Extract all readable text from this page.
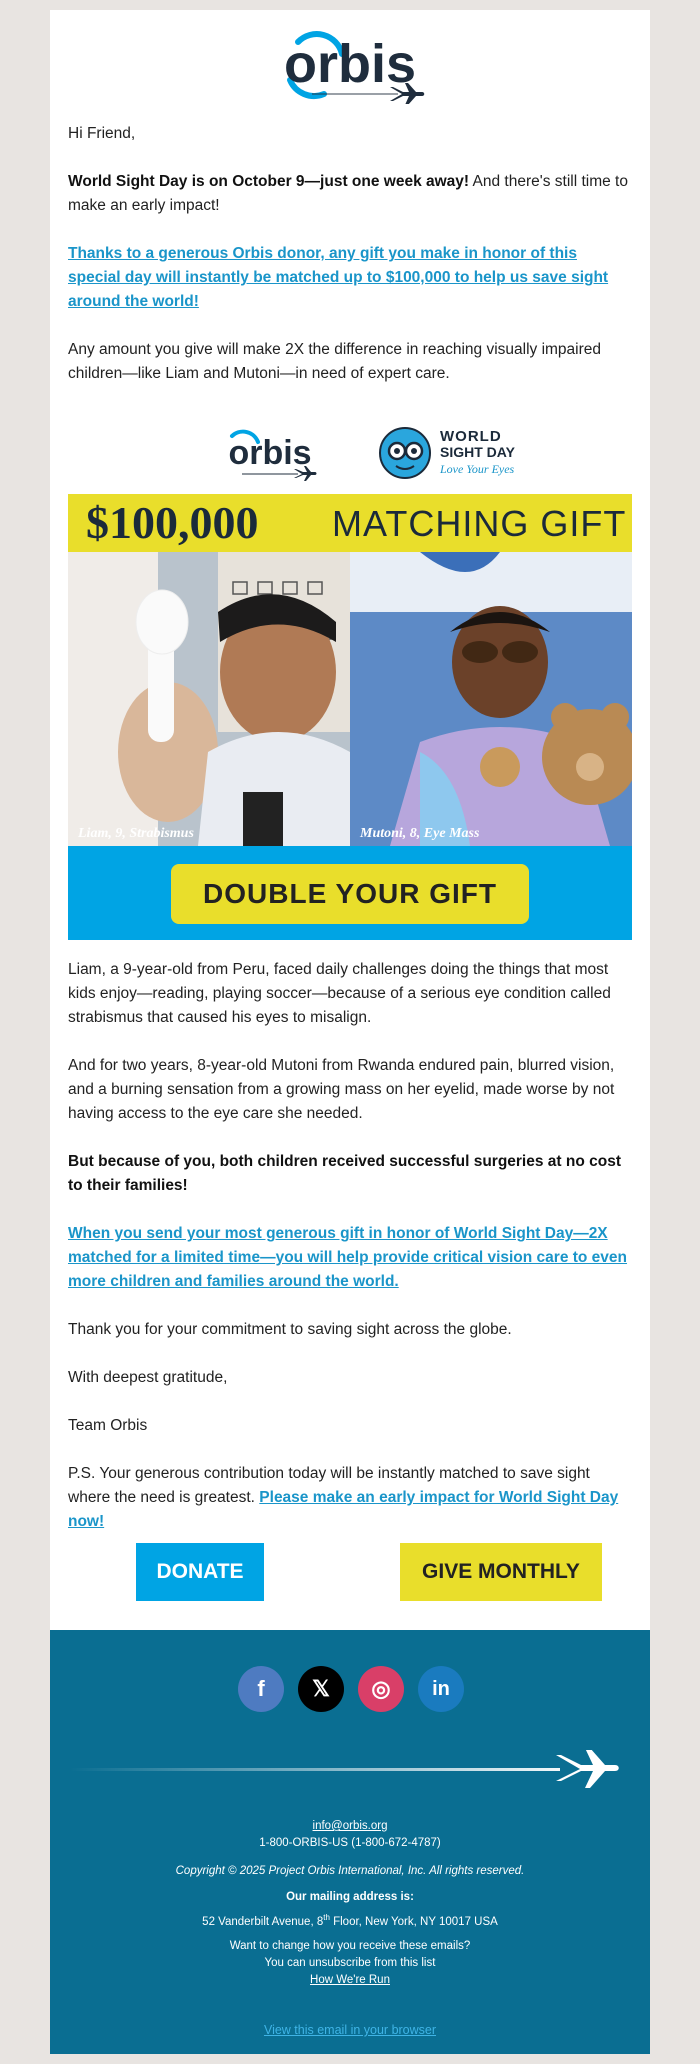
orbis
Hi Friend,
World Sight Day is on October 9—just one week away! And there's still time to make an early impact!
Thanks to a generous Orbis donor, any gift you make in honor of this special day will instantly be matched up to $100,000 to help us save sight around the world!
Any amount you give will make 2X the difference in reaching visually impaired children—like Liam and Mutoni—in need of expert care.
orbis	WORLD
SIGHT DAY
Love Your Eyes
$100,000 MATCHING GIFT
Liam, 9, Strabismus	Mutoni, 8, Eye Mass
DOUBLE YOUR GIFT
Liam, a 9-year-old from Peru, faced daily challenges doing the things that most kids enjoy—reading, playing soccer—because of a serious eye condition called strabismus that caused his eyes to misalign.
And for two years, 8-year-old Mutoni from Rwanda endured pain, blurred vision, and a burning sensation from a growing mass on her eyelid, made worse by not having access to the eye care she needed.
But because of you, both children received successful surgeries at no cost to their families!
When you send your most generous gift in honor of World Sight Day—2X matched for a limited time—you will help provide critical vision care to even more children and families around the world.
Thank you for your commitment to saving sight across the globe.
With deepest gratitude,
Team Orbis
P.S. Your generous contribution today will be instantly matched to save sight where the need is greatest. Please make an early impact for World Sight Day now!
DONATE	GIVE MONTHLY
f	𝕏	◎	in
info@orbis.org
1-800-ORBIS-US (1-800-672-4787)
Copyright © 2025 Project Orbis International, Inc. All rights reserved.
Our mailing address is:
52 Vanderbilt Avenue, 8th Floor, New York, NY 10017 USA
Want to change how you receive these emails?
You can unsubscribe from this list
How We're Run
View this email in your browser
